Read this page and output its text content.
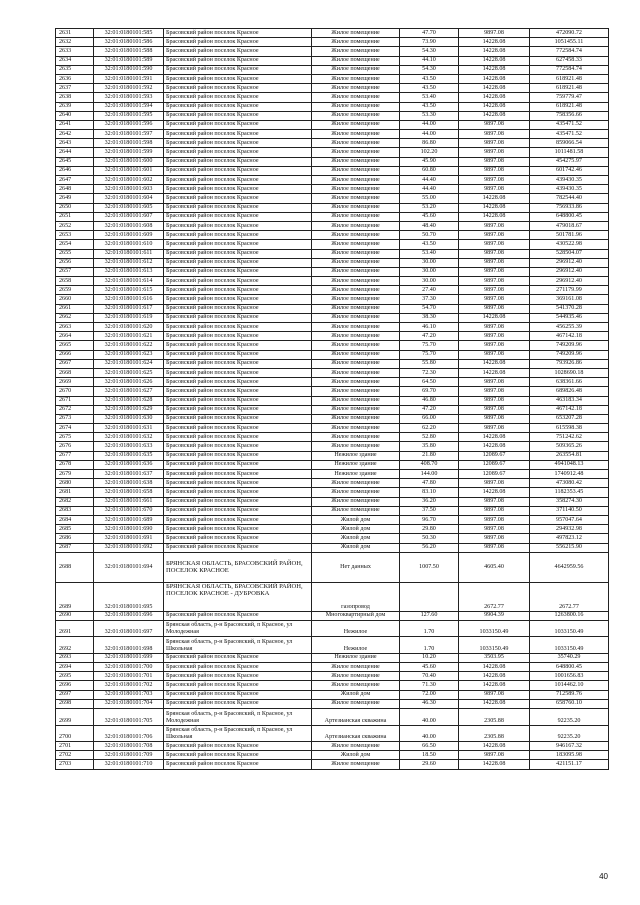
2631	32:01:0180101:585	Брасовский район поселок Красное	Жилое помещение	47.70	9897.08	472090.72
2632	32:01:0180101:586	Брасовский район поселок Красное	Жилое помещение	73.90	14228.08	1051455.11
2633	32:01:0180101:588	Брасовский район поселок Красное	Жилое помещение	54.30	14228.08	772584.74
2634	32:01:0180101:589	Брасовский район поселок Красное	Жилое помещение	44.10	14228.08	627458.33
2635	32:01:0180101:590	Брасовский район поселок Красное	Жилое помещение	54.30	14228.08	772584.74
2636	32:01:0180101:591	Брасовский район поселок Красное	Жилое помещение	43.50	14228.08	618921.48
2637	32:01:0180101:592	Брасовский район поселок Красное	Жилое помещение	43.50	14228.08	618921.48
2638	32:01:0180101:593	Брасовский район поселок Красное	Жилое помещение	53.40	14228.08	759779.47
2639	32:01:0180101:594	Брасовский район поселок Красное	Жилое помещение	43.50	14228.08	618921.48
2640	32:01:0180101:595	Брасовский район поселок Красное	Жилое помещение	53.30	14228.08	758356.66
2641	32:01:0180101:596	Брасовский район поселок Красное	Жилое помещение	44.00	9897.08	435471.52
2642	32:01:0180101:597	Брасовский район поселок Красное	Жилое помещение	44.00	9897.08	435471.52
2643	32:01:0180101:598	Брасовский район поселок Красное	Жилое помещение	86.80	9897.08	859066.54
2644	32:01:0180101:599	Брасовский район поселок Красное	Жилое помещение	102.20	9897.08	1011481.58
2645	32:01:0180101:600	Брасовский район поселок Красное	Жилое помещение	45.90	9897.08	454275.97
2646	32:01:0180101:601	Брасовский район поселок Красное	Жилое помещение	60.80	9897.08	601742.46
2647	32:01:0180101:602	Брасовский район поселок Красное	Жилое помещение	44.40	9897.08	439430.35
2648	32:01:0180101:603	Брасовский район поселок Красное	Жилое помещение	44.40	9897.08	439430.35
2649	32:01:0180101:604	Брасовский район поселок Красное	Жилое помещение	55.00	14228.08	782544.40
2650	32:01:0180101:605	Брасовский район поселок Красное	Жилое помещение	53.20	14228.08	756933.86
2651	32:01:0180101:607	Брасовский район поселок Красное	Жилое помещение	45.60	14228.08	648800.45
2652	32:01:0180101:608	Брасовский район поселок Красное	Жилое помещение	48.40	9897.08	479018.67
2653	32:01:0180101:609	Брасовский район поселок Красное	Жилое помещение	50.70	9897.08	501781.96
2654	32:01:0180101:610	Брасовский район поселок Красное	Жилое помещение	43.50	9897.08	430522.98
2655	32:01:0180101:611	Брасовский район поселок Красное	Жилое помещение	53.40	9897.08	528504.07
2656	32:01:0180101:612	Брасовский район поселок Красное	Жилое помещение	30.00	9897.08	296912.40
2657	32:01:0180101:613	Брасовский район поселок Красное	Жилое помещение	30.00	9897.08	296912.40
2658	32:01:0180101:614	Брасовский район поселок Красное	Жилое помещение	30.00	9897.08	296912.40
2659	32:01:0180101:615	Брасовский район поселок Красное	Жилое помещение	27.40	9897.08	271179.99
2660	32:01:0180101:616	Брасовский район поселок Красное	Жилое помещение	37.30	9897.08	369161.08
2661	32:01:0180101:617	Брасовский район поселок Красное	Жилое помещение	54.70	9897.08	541370.28
2662	32:01:0180101:619	Брасовский район поселок Красное	Жилое помещение	38.30	14228.08	544935.46
2663	32:01:0180101:620	Брасовский район поселок Красное	Жилое помещение	46.10	9897.08	456255.39
2664	32:01:0180101:621	Брасовский район поселок Красное	Жилое помещение	47.20	9897.08	467142.18
2665	32:01:0180101:622	Брасовский район поселок Красное	Жилое помещение	75.70	9897.08	749209.96
2666	32:01:0180101:623	Брасовский район поселок Красное	Жилое помещение	75.70	9897.08	749209.96
2667	32:01:0180101:624	Брасовский район поселок Красное	Жилое помещение	55.80	14228.08	793926.86
2668	32:01:0180101:625	Брасовский район поселок Красное	Жилое помещение	72.30	14228.08	1028690.18
2669	32:01:0180101:626	Брасовский район поселок Красное	Жилое помещение	64.50	9897.08	638361.66
2670	32:01:0180101:627	Брасовский район поселок Красное	Жилое помещение	69.70	9897.08	689826.48
2671	32:01:0180101:628	Брасовский район поселок Красное	Жилое помещение	46.80	9897.08	463183.34
2672	32:01:0180101:629	Брасовский район поселок Красное	Жилое помещение	47.20	9897.08	467142.18
2673	32:01:0180101:630	Брасовский район поселок Красное	Жилое помещение	66.00	9897.08	653207.28
2674	32:01:0180101:631	Брасовский район поселок Красное	Жилое помещение	62.20	9897.08	615598.38
2675	32:01:0180101:632	Брасовский район поселок Красное	Жилое помещение	52.80	14228.08	751242.62
2676	32:01:0180101:633	Брасовский район поселок Красное	Жилое помещение	35.80	14228.08	509365.26
2677	32:01:0180101:635	Брасовский район поселок Красное	Нежилое здание	21.80	12089.67	263554.81
2678	32:01:0180101:636	Брасовский район поселок Красное	Нежилое здание	408.70	12089.67	4941048.13
2679	32:01:0180101:637	Брасовский район поселок Красное	Нежилое здание	144.00	12089.67	1740912.48
2680	32:01:0180101:638	Брасовский район поселок Красное	Жилое помещение	47.80	9897.08	473080.42
2681	32:01:0180101:658	Брасовский район поселок Красное	Жилое помещение	83.10	14228.08	1182353.45
2682	32:01:0180101:661	Брасовский район поселок Красное	Жилое помещение	36.20	9897.08	358274.30
2683	32:01:0180101:670	Брасовский район поселок Красное	Жилое помещение	37.50	9897.08	371140.50
2684	32:01:0180101:689	Брасовский район поселок Красное	Жилой дом	96.70	9897.08	957047.64
2685	32:01:0180101:690	Брасовский район поселок Красное	Жилой дом	29.80	9897.08	294932.98
2686	32:01:0180101:691	Брасовский район поселок Красное	Жилой дом	50.30	9897.08	497823.12
2687	32:01:0180101:692	Брасовский район поселок Красное	Жилой дом	56.20	9897.08	556215.90
2688	32:01:0180101:694	БРЯНСКАЯ ОБЛАСТЬ, БРАСОВСКИЙ РАЙОН, ПОСЕЛОК КРАСНОЕ	Нет данных	1007.50	4605.40	4642959.56
2689	32:01:0180101:695	БРЯНСКАЯ ОБЛАСТЬ, БРАСОВСКИЙ РАЙОН, ПОСЕЛОК КРАСНОЕ - ДУБРОВКА	газопровод		2672.77	2672.77
2690	32:01:0180101:696	Брасовский район поселок Красное	Многоквартирный дом	127.60	9904.39	1263800.16
2691	32:01:0180101:697	Брянская область, р-н Брасовский, п Красное, ул Молодежная	Нежилое	1.70	1033150.49	1033150.49
2692	32:01:0180101:698	Брянская область, р-н Брасовский, п Красное, ул Школьная	Нежилое	1.70	1033150.49	1033150.49
2693	32:01:0180101:699	Брасовский район поселок Красное	Нежилое здание	10.20	3503.95	35740.29
2694	32:01:0180101:700	Брасовский район поселок Красное	Жилое помещение	45.60	14228.08	648800.45
2695	32:01:0180101:701	Брасовский район поселок Красное	Жилое помещение	70.40	14228.08	1001656.83
2696	32:01:0180101:702	Брасовский район поселок Красное	Жилое помещение	71.30	14228.08	1014462.10
2697	32:01:0180101:703	Брасовский район поселок Красное	Жилой дом	72.00	9897.08	712589.76
2698	32:01:0180101:704	Брасовский район поселок Красное	Жилое помещение	46.30	14228.08	658760.10
2699	32:01:0180101:705	Брянская область, р-н Брасовский, п Красное, ул Молодежная	Артезианская скважина	40.00	2305.88	92235.20
2700	32:01:0180101:706	Брянская область, р-н Брасовский, п Красное, ул Школьная	Артезианская скважина	40.00	2305.88	92235.20
2701	32:01:0180101:708	Брасовский район поселок Красное	Жилое помещение	66.50	14228.08	946167.32
2702	32:01:0180101:709	Брасовский район поселок Красное	Жилой дом	18.50	9897.08	183095.98
2703	32:01:0180101:710	Брасовский район поселок Красное	Жилое помещение	29.60	14228.08	421151.17
40
